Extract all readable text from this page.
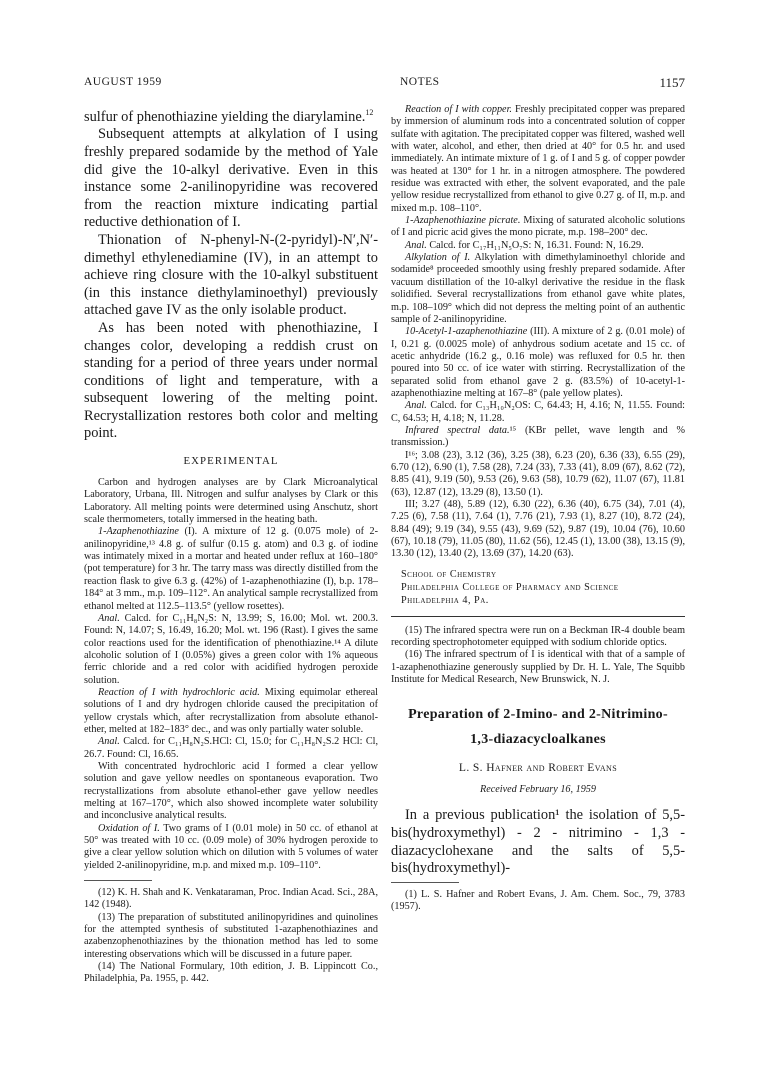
AUGUST 1959	NOTES	1157

sulfur of phenothiazine yielding the diarylamine.$^{12}$

Subsequent attempts at alkylation of I using freshly prepared sodamide by the method of Yale did give the 10-alkyl derivative. Even in this instance some 2-anilinopyridine was recovered from the reaction mixture indicating partial reductive dethionation of I.

Thionation of N-phenyl-N-(2-pyridyl)-N′,N′-dimethyl ethylenediamine (IV), in an attempt to achieve ring closure with the 10-alkyl substituent (in this instance diethylaminoethyl) previously attached gave IV as the only isolable product.

As has been noted with phenothiazine, I changes color, developing a reddish crust on standing for a period of three years under normal conditions of light and temperature, with a subsequent lowering of the melting point. Recrystallization restores both color and melting point.

EXPERIMENTAL

Carbon and hydrogen analyses are by Clark Microanalytical Laboratory, Urbana, Ill. Nitrogen and sulfur analyses by Clark or this Laboratory. All melting points were determined using Anschutz, short scale thermometers, totally immersed in the heating bath.

1-Azaphenothiazine (I). A mixture of 12 g. (0.075 mole) of 2-anilinopyridine,¹³ 4.8 g. of sulfur (0.15 g. atom) and 0.3 g. of iodine was intimately mixed in a mortar and heated under reflux at 160–180° (pot temperature) for 3 hr. The tarry mass was directly distilled from the reaction flask to give 6.3 g. (42%) of 1-azaphenothiazine (I), b.p. 178–184° at 3 mm., m.p. 109–112°. An analytical sample recrystallized from ethanol melted at 112.5–113.5° (yellow rosettes).

Anal. Calcd. for C₁₁H₈N₂S: N, 13.99; S, 16.00; Mol. wt. 200.3. Found: N, 14.07; S, 16.49, 16.20; Mol. wt. 196 (Rast). I gives the same color reactions used for the identification of phenothiazine.¹⁴ A dilute alcoholic solution of I (0.05%) gives a green color with 1% aqueous ferric chloride and a red color with acidified hydrogen peroxide solution.

Reaction of I with hydrochloric acid. Mixing equimolar ethereal solutions of I and dry hydrogen chloride caused the precipitation of yellow crystals which, after recrystallization from absolute ethanol-ether, melted at 182–183° dec., and was only partially water soluble.

Anal. Calcd. for C₁₁H₈N₂S.HCl: Cl, 15.0; for C₁₁H₈N₂S.2 HCl: Cl, 26.7. Found: Cl, 16.65.

With concentrated hydrochloric acid I formed a clear yellow solution and gave yellow needles on spontaneous evaporation. Two recrystallizations from absolute ethanol-ether gave yellow needles melting at 167–170°, which also showed incomplete water solubility and inconclusive analytical results.

Oxidation of I. Two grams of I (0.01 mole) in 50 cc. of ethanol at 50° was treated with 10 cc. (0.09 mole) of 30% hydrogen peroxide to give a clear yellow solution which on dilution with 5 volumes of water yielded 2-anilinopyridine, m.p. and mixed m.p. 109–110°.

(12) K. H. Shah and K. Venkataraman, Proc. Indian Acad. Sci., 28A, 142 (1948).

(13) The preparation of substituted anilinopyridines and quinolines for the attempted synthesis of substituted 1-azaphenothiazines and azabenzophenothiazines by the thionation method has led to some interesting observations which will be discussed in a future paper.

(14) The National Formulary, 10th edition, J. B. Lippincott Co., Philadelphia, Pa. 1955, p. 442.

Reaction of I with copper. Freshly precipitated copper was prepared by immersion of aluminum rods into a concentrated solution of copper sulfate with agitation. The precipitated copper was filtered, washed well with water, alcohol, and ether, then dried at 40° for 0.5 hr. and used immediately. An intimate mixture of 1 g. of I and 5 g. of copper powder was heated at 130° for 1 hr. in a nitrogen atmosphere. The powdered residue was extracted with ether, the solvent evaporated, and the pale yellow residue recrystallized from ethanol to give 0.27 g. of II, m.p. and mixed m.p. 108–110°.

1-Azaphenothiazine picrate. Mixing of saturated alcoholic solutions of I and picric acid gives the mono picrate, m.p. 198–200° dec.

Anal. Calcd. for C₁₇H₁₁N₅O₇S: N, 16.31. Found: N, 16.29.

Alkylation of I. Alkylation with dimethylaminoethyl chloride and sodamide⁸ proceeded smoothly using freshly prepared sodamide. After vacuum distillation of the 10-alkyl derivative the residue in the flask solidified. Several recrystallizations from ethanol gave white plates, m.p. 108–109° which did not depress the melting point of an authentic sample of 2-anilinopyridine.

10-Acetyl-1-azaphenothiazine (III). A mixture of 2 g. (0.01 mole) of I, 0.21 g. (0.0025 mole) of anhydrous sodium acetate and 15 cc. of acetic anhydride (16.2 g., 0.16 mole) was refluxed for 0.5 hr. then poured into 50 cc. of ice water with stirring. Recrystallization of the separated solid from ethanol gave 2 g. (83.5%) of 10-acetyl-1-azaphenothiazine melting at 167–8° (pale yellow plates).

Anal. Calcd. for C₁₃H₁₀N₂OS: C, 64.43; H, 4.16; N, 11.55. Found: C, 64.53; H, 4.18; N, 11.28.

Infrared spectral data.¹⁵ (KBr pellet, wave length and % transmission.)

I¹⁶; 3.08 (23), 3.12 (36), 3.25 (38), 6.23 (20), 6.36 (33), 6.55 (29), 6.70 (12), 6.90 (1), 7.58 (28), 7.24 (33), 7.33 (41), 8.09 (67), 8.62 (72), 8.85 (41), 9.19 (50), 9.53 (26), 9.63 (58), 10.79 (62), 11.07 (67), 11.81 (63), 12.87 (12), 13.29 (8), 13.50 (1).

III; 3.27 (48), 5.89 (12), 6.30 (22), 6.36 (40), 6.75 (34), 7.01 (4), 7.25 (6), 7.58 (11), 7.64 (1), 7.76 (21), 7.93 (1), 8.27 (10), 8.72 (24), 8.84 (49); 9.19 (34), 9.55 (43), 9.69 (52), 9.87 (19), 10.04 (76), 10.60 (67), 10.18 (79), 11.05 (80), 11.62 (56), 12.45 (1), 13.00 (38), 13.15 (9), 13.30 (12), 13.40 (2), 13.69 (37), 14.20 (63).

School of Chemistry
Philadelphia College of Pharmacy and Science
Philadelphia 4, Pa.

(15) The infrared spectra were run on a Beckman IR-4 double beam recording spectrophotometer equipped with sodium chloride optics.

(16) The infrared spectrum of I is identical with that of a sample of 1-azaphenothiazine generously supplied by Dr. H. L. Yale, The Squibb Institute for Medical Research, New Brunswick, N. J.

Preparation of 2-Imino- and 2-Nitrimino-
1,3-diazacycloalkanes
L. S. Hafner and Robert Evans
Received February 16, 1959

In a previous publication¹ the isolation of 5,5-bis(hydroxymethyl) - 2 - nitrimino - 1,3 - diazacyclohexane and the salts of 5,5-bis(hydroxymethyl)-

(1) L. S. Hafner and Robert Evans, J. Am. Chem. Soc., 79, 3783 (1957).
